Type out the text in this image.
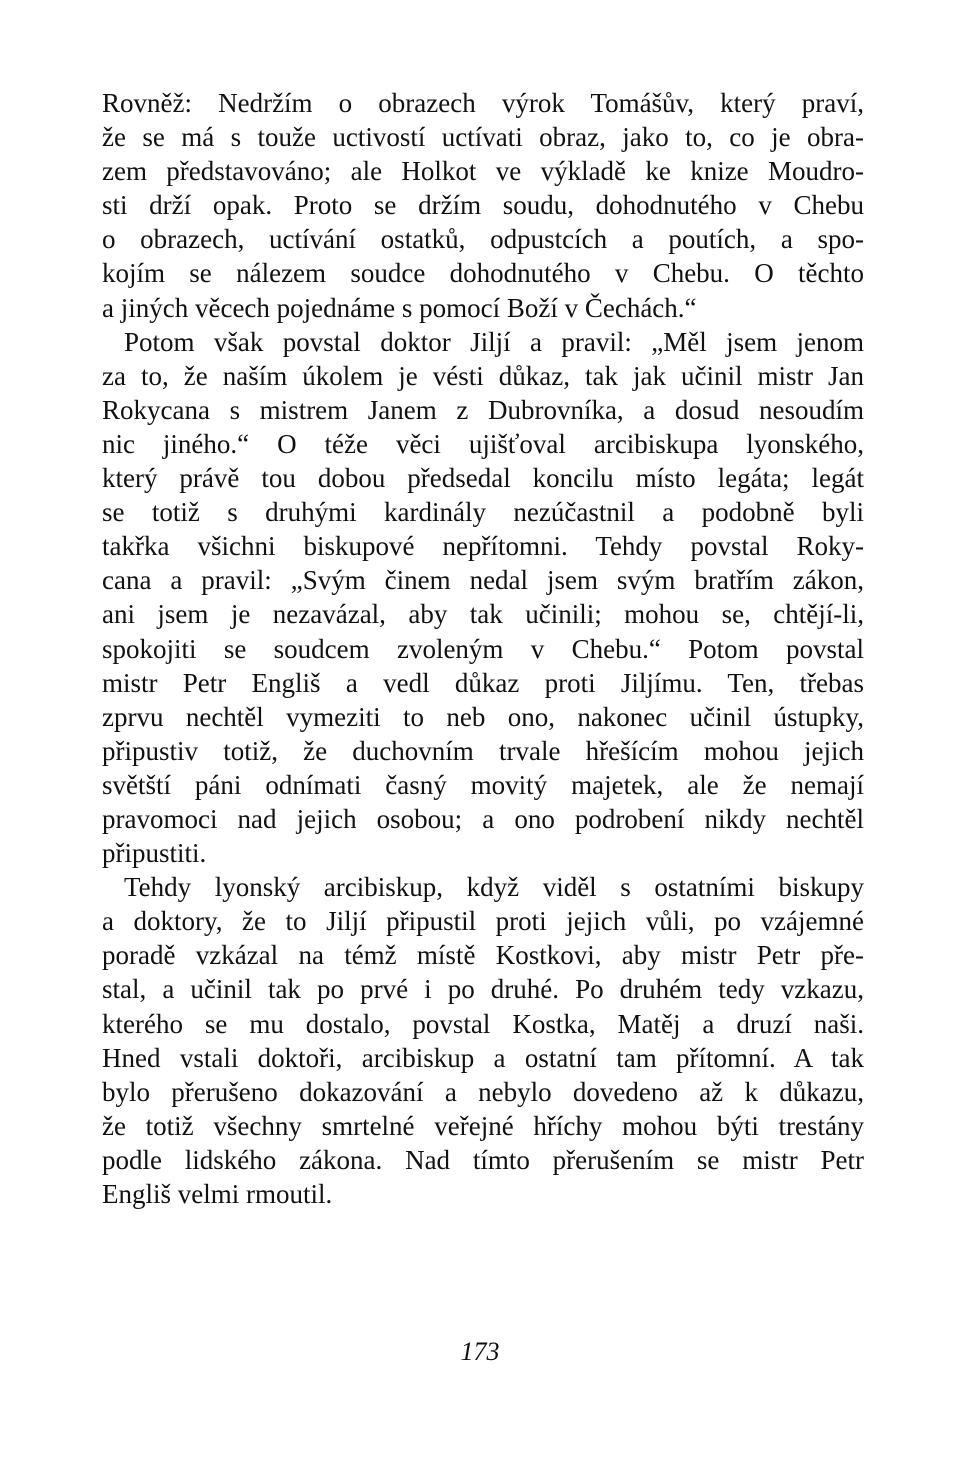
Rovněž: Nedržím o obrazech výrok Tomášův, který praví,
že se má s touže uctivostí uctívati obraz, jako to, co je obra-
zem představováno; ale Holkot ve výkladě ke knize Moudro-
sti drží opak. Proto se držím soudu, dohodnutého v Chebu
o obrazech, uctívání ostatků, odpustcích a poutích, a spo-
kojím se nálezem soudce dohodnutého v Chebu. O těchto
a jiných věcech pojednáme s pomocí Boží v Čechách.“
Potom však povstal doktor Jiljí a pravil: „Měl jsem jenom
za to, že naším úkolem je vésti důkaz, tak jak učinil mistr Jan
Rokycana s mistrem Janem z Dubrovníka, a dosud nesoudím
nic jiného.“ O téže věci ujišťoval arcibiskupa lyonského,
který právě tou dobou předsedal koncilu místo legáta; legát
se totiž s druhými kardinály nezúčastnil a podobně byli
takřka všichni biskupové nepřítomni. Tehdy povstal Roky-
cana a pravil: „Svým činem nedal jsem svým bratřím zákon,
ani jsem je nezavázal, aby tak učinili; mohou se, chtějí-li,
spokojiti se soudcem zvoleným v Chebu.“ Potom povstal
mistr Petr Engliš a vedl důkaz proti Jiljímu. Ten, třebas
zprvu nechtěl vymeziti to neb ono, nakonec učinil ústupky,
připustiv totiž, že duchovním trvale hřešícím mohou jejich
světští páni odnímati časný movitý majetek, ale že nemají
pravomoci nad jejich osobou; a ono podrobení nikdy nechtěl
připustiti.
Tehdy lyonský arcibiskup, když viděl s ostatními biskupy
a doktory, že to Jiljí připustil proti jejich vůli, po vzájemné
poradě vzkázal na témž místě Kostkovi, aby mistr Petr pře-
stal, a učinil tak po prvé i po druhé. Po druhém tedy vzkazu,
kterého se mu dostalo, povstal Kostka, Matěj a druzí naši.
Hned vstali doktoři, arcibiskup a ostatní tam přítomní. A tak
bylo přerušeno dokazování a nebylo dovedeno až k důkazu,
že totiž všechny smrtelné veřejné hříchy mohou býti trestány
podle lidského zákona. Nad tímto přerušením se mistr Petr
Engliš velmi rmoutil.
173
